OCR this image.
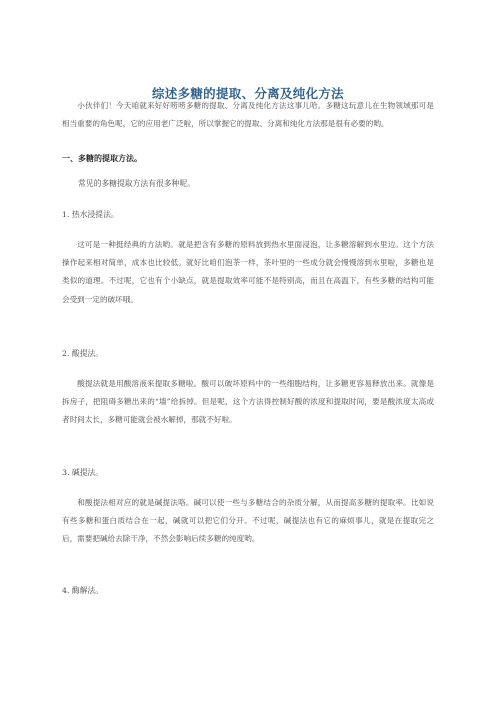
综述多糖的提取、分离及纯化方法

小伙伴们！今天咱就来好好唠唠多糖的提取、分离及纯化方法这事儿哈。多糖这玩意儿在生物领域那可是相当重要的角色呢，它的应用老广泛啦，所以掌握它的提取、分离和纯化方法那是很有必要的哟。

一、多糖的提取方法。

常见的多糖提取方法有很多种呢。

1. 热水浸提法。

这可是一种挺经典的方法哟。就是把含有多糖的原料放到热水里面浸泡，让多糖溶解到水里边。这个方法操作起来相对简单，成本也比较低。就好比咱们泡茶一样，茶叶里的一些成分就会慢慢溶到水里啦，多糖也是类似的道理。不过呢，它也有个小缺点，就是提取效率可能不是特别高，而且在高温下，有些多糖的结构可能会受到一定的破坏哦。

2. 酸提法。

酸提法就是用酸溶液来提取多糖啦。酸可以破坏原料中的一些细胞结构，让多糖更容易释放出来。就像是拆房子，把阻碍多糖出来的“墙”给拆掉。但是呢，这个方法得控制好酸的浓度和提取时间，要是酸浓度太高或者时间太长，多糖可能就会被水解掉，那就不好啦。

3. 碱提法。

和酸提法相对应的就是碱提法咯。碱可以使一些与多糖结合的杂质分解，从而提高多糖的提取率。比如说有些多糖和蛋白质结合在一起，碱就可以把它们分开。不过呢，碱提法也有它的麻烦事儿，就是在提取完之后，需要把碱给去除干净，不然会影响后续多糖的纯度哟。

4. 酶解法。
